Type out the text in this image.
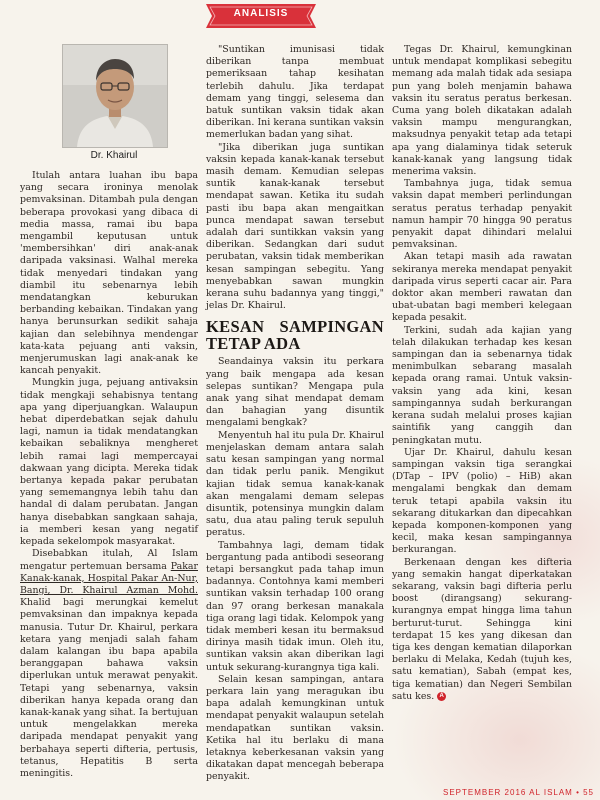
ANALISIS
Dr. Khairul

Itulah antara luahan ibu bapa yang secara ironinya menolak pemvaksinan. Ditambah pula dengan beberapa provokasi yang dibaca di media massa, ramai ibu bapa mengambil keputusan untuk 'membersihkan' diri anak-anak daripada vaksinasi. Walhal mereka tidak menyedari tindakan yang diambil itu sebenarnya lebih mendatangkan keburukan berbanding kebaikan. Tindakan yang hanya berunsurkan sedikit sahaja kajian dan selebihnya mendengar kata-kata pejuang anti vaksin, menjerumuskan lagi anak-anak ke kancah penyakit.

Mungkin juga, pejuang antivaksin tidak mengkaji sehabisnya tentang apa yang diperjuangkan. Walaupun hebat diperdebatkan sejak dahulu lagi, namun ia tidak mendatangkan kebaikan sebaliknya mengheret lebih ramai lagi mempercayai dakwaan yang dicipta. Mereka tidak bertanya kepada pakar perubatan yang sememangnya lebih tahu dan handal di dalam perubatan. Jangan hanya disebabkan sangkaan sahaja, ia memberi kesan yang negatif kepada sekelompok masyarakat.

Disebabkan itulah, Al Islam mengatur pertemuan bersama Pakar Kanak-kanak, Hospital Pakar An-Nur, Bangi, Dr. Khairul Azman Mohd. Khalid bagi merungkai kemelut pemvaksinan dan impaknya kepada manusia. Tutur Dr. Khairul, perkara ketara yang menjadi salah faham dalam kalangan ibu bapa apabila beranggapan bahawa vaksin diperlukan untuk merawat penyakit. Tetapi yang sebenarnya, vaksin diberikan hanya kepada orang dan kanak-kanak yang sihat. Ia bertujuan untuk mengelakkan mereka daripada mendapat penyakit yang berbahaya seperti difteria, pertusis, tetanus, Hepatitis B serta meningitis.

"Suntikan imunisasi tidak diberikan tanpa membuat pemeriksaan tahap kesihatan terlebih dahulu. Jika terdapat demam yang tinggi, selesema dan batuk suntikan vaksin tidak akan diberikan. Ini kerana suntikan vaksin memerlukan badan yang sihat.

"Jika diberikan juga suntikan vaksin kepada kanak-kanak tersebut masih demam. Kemudian selepas suntik kanak-kanak tersebut mendapat sawan. Ketika itu sudah pasti ibu bapa akan mengaitkan punca mendapat sawan tersebut adalah dari suntikkan vaksin yang diberikan. Sedangkan dari sudut perubatan, vaksin tidak memberikan kesan sampingan sebegitu. Yang menyebabkan sawan mungkin kerana suhu badannya yang tinggi," jelas Dr. Khairul.

KESAN SAMPINGAN TETAP ADA

Seandainya vaksin itu perkara yang baik mengapa ada kesan selepas suntikan? Mengapa pula anak yang sihat mendapat demam dan bahagian yang disuntik mengalami bengkak?

Menyentuh hal itu pula Dr. Khairul menjelaskan demam antara salah satu kesan sampingan yang normal dan tidak perlu panik. Mengikut kajian tidak semua kanak-kanak akan mengalami demam selepas disuntik, potensinya mungkin dalam satu, dua atau paling teruk sepuluh peratus.

Tambahnya lagi, demam tidak bergantung pada antibodi seseorang tetapi bersangkut pada tahap imun badannya. Contohnya kami memberi suntikan vaksin terhadap 100 orang dan 97 orang berkesan manakala tiga orang lagi tidak. Kelompok yang tidak memberi kesan itu bermaksud dirinya masih tidak imun. Oleh itu, suntikan vaksin akan diberikan lagi untuk sekurang-kurangnya tiga kali.

Selain kesan sampingan, antara perkara lain yang meragukan ibu bapa adalah kemungkinan untuk mendapat penyakit walaupun setelah mendapatkan suntikan vaksin. Ketika hal itu berlaku di mana letaknya keberkesanan vaksin yang dikatakan dapat mencegah beberapa penyakit.

Tegas Dr. Khairul, kemungkinan untuk mendapat komplikasi sebegitu memang ada malah tidak ada sesiapa pun yang boleh menjamin bahawa vaksin itu seratus peratus berkesan. Cuma yang boleh dikatakan adalah vaksin mampu mengurangkan, maksudnya penyakit tetap ada tetapi apa yang dialaminya tidak seteruk kanak-kanak yang langsung tidak menerima vaksin.

Tambahnya juga, tidak semua vaksin dapat memberi perlindungan seratus peratus terhadap penyakit namun hampir 70 hingga 90 peratus penyakit dapat dihindari melalui pemvaksinan.

Akan tetapi masih ada rawatan sekiranya mereka mendapat penyakit daripada virus seperti cacar air. Para doktor akan memberi rawatan dan ubat-ubatan bagi memberi kelegaan kepada pesakit.

Terkini, sudah ada kajian yang telah dilakukan terhadap kes kesan sampingan dan ia sebenarnya tidak menimbulkan sebarang masalah kepada orang ramai. Untuk vaksin-vaksin yang ada kini, kesan sampingannya sudah berkurangan kerana sudah melalui proses kajian saintifik yang canggih dan peningkatan mutu.

Ujar Dr. Khairul, dahulu kesan sampingan vaksin tiga serangkai (DTap – IPV (polio) – HiB) akan mengalami bengkak dan demam teruk tetapi apabila vaksin itu sekarang ditukarkan dan dipecahkan kepada komponen-komponen yang kecil, maka kesan sampingannya berkurangan.

Berkenaan dengan kes difteria yang semakin hangat diperkatakan sekarang, vaksin bagi difteria perlu boost (dirangsang) sekurang-kurangnya empat hingga lima tahun berturut-turut. Sehingga kini terdapat 15 kes yang dikesan dan tiga kes dengan kematian dilaporkan berlaku di Melaka, Kedah (tujuh kes, satu kematian), Sabah (empat kes, tiga kematian) dan Negeri Sembilan satu kes. A

SEPTEMBER 2016 AL ISLAM • 55
